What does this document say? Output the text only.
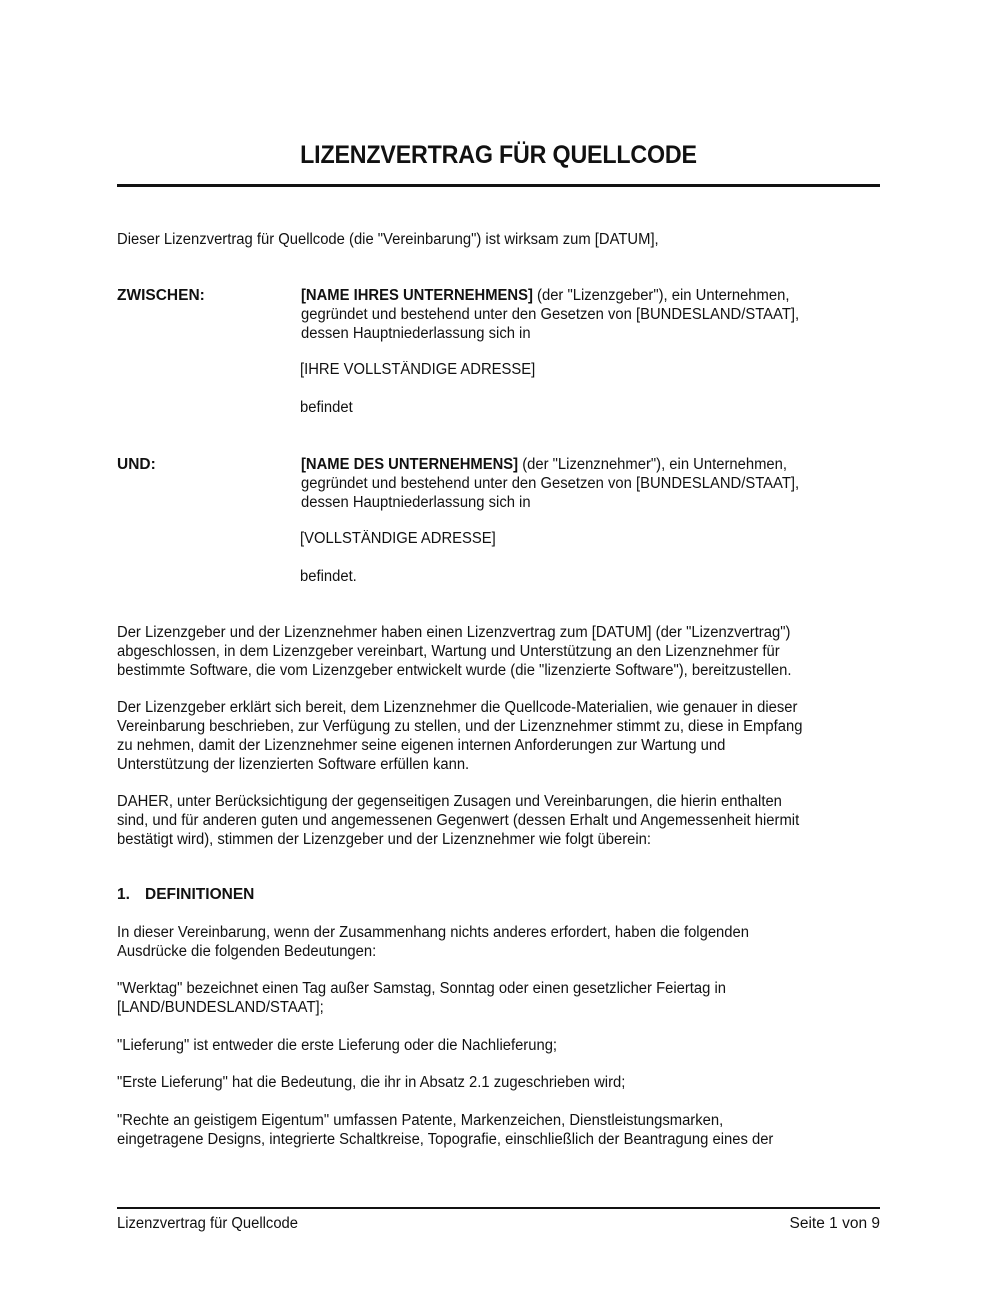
LIZENZVERTRAG FÜR QUELLCODE
Dieser Lizenzvertrag für Quellcode (die "Vereinbarung") ist wirksam zum [DATUM],
ZWISCHEN:	[NAME IHRES UNTERNEHMENS] (der "Lizenzgeber"), ein Unternehmen,
gegründet und bestehend unter den Gesetzen von [BUNDESLAND/STAAT],
dessen Hauptniederlassung sich in
[IHRE VOLLSTÄNDIGE ADRESSE]
befindet
UND:	[NAME DES UNTERNEHMENS] (der "Lizenznehmer"), ein Unternehmen,
gegründet und bestehend unter den Gesetzen von [BUNDESLAND/STAAT],
dessen Hauptniederlassung sich in
[VOLLSTÄNDIGE ADRESSE]
befindet.
Der Lizenzgeber und der Lizenznehmer haben einen Lizenzvertrag zum [DATUM] (der "Lizenzvertrag")
abgeschlossen, in dem Lizenzgeber vereinbart, Wartung und Unterstützung an den Lizenznehmer für
bestimmte Software, die vom Lizenzgeber entwickelt wurde (die "lizenzierte Software"), bereitzustellen.
Der Lizenzgeber erklärt sich bereit, dem Lizenznehmer die Quellcode-Materialien, wie genauer in dieser
Vereinbarung beschrieben, zur Verfügung zu stellen, und der Lizenznehmer stimmt zu, diese in Empfang
zu nehmen, damit der Lizenznehmer seine eigenen internen Anforderungen zur Wartung und
Unterstützung der lizenzierten Software erfüllen kann.
DAHER, unter Berücksichtigung der gegenseitigen Zusagen und Vereinbarungen, die hierin enthalten
sind, und für anderen guten und angemessenen Gegenwert (dessen Erhalt und Angemessenheit hiermit
bestätigt wird), stimmen der Lizenzgeber und der Lizenznehmer wie folgt überein:
1. DEFINITIONEN
In dieser Vereinbarung, wenn der Zusammenhang nichts anderes erfordert, haben die folgenden
Ausdrücke die folgenden Bedeutungen:
"Werktag" bezeichnet einen Tag außer Samstag, Sonntag oder einen gesetzlicher Feiertag in
[LAND/BUNDESLAND/STAAT];
"Lieferung" ist entweder die erste Lieferung oder die Nachlieferung;
"Erste Lieferung" hat die Bedeutung, die ihr in Absatz 2.1 zugeschrieben wird;
"Rechte an geistigem Eigentum" umfassen Patente, Markenzeichen, Dienstleistungsmarken,
eingetragene Designs, integrierte Schaltkreise, Topografie, einschließlich der Beantragung eines der
Lizenzvertrag für Quellcode	Seite 1 von 9
